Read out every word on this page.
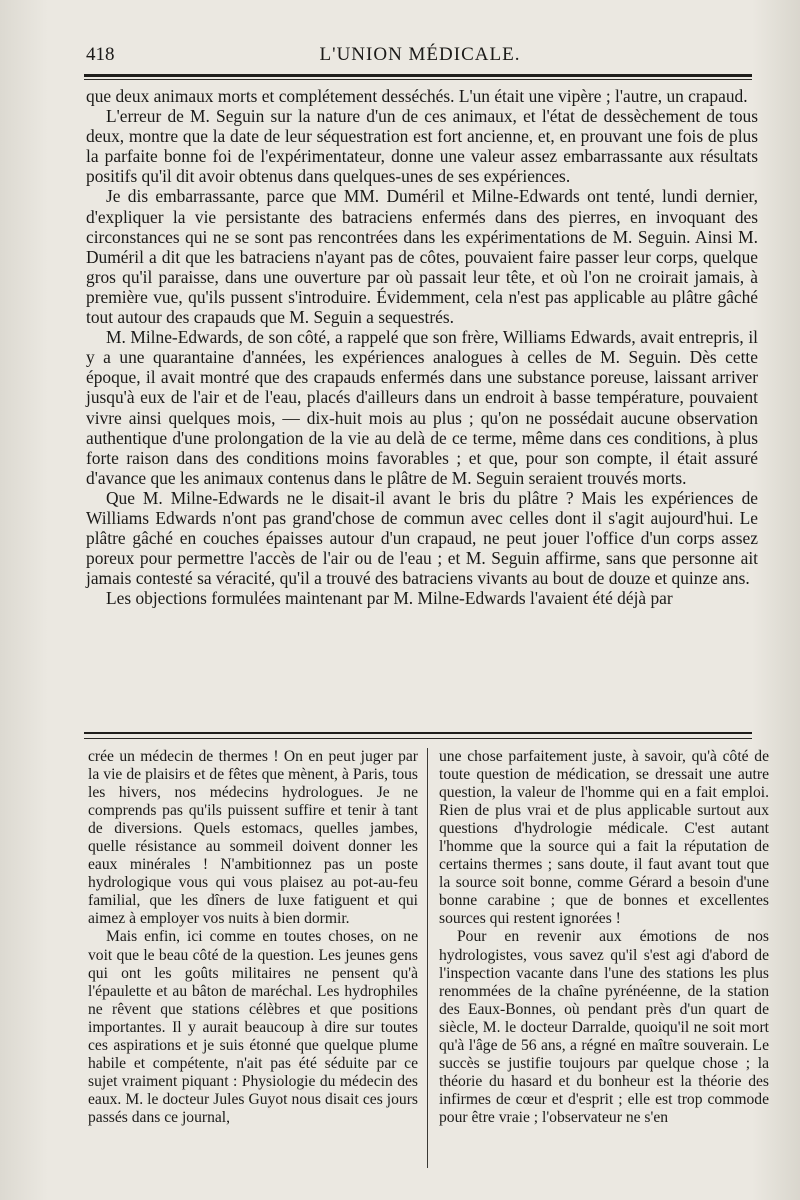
418	L'UNION MÉDICALE.

que deux animaux morts et complétement desséchés. L'un était une vipère ; l'autre, un crapaud.

L'erreur de M. Seguin sur la nature d'un de ces animaux, et l'état de dessèchement de tous deux, montre que la date de leur séquestration est fort ancienne, et, en prouvant une fois de plus la parfaite bonne foi de l'expérimentateur, donne une valeur assez embarrassante aux résultats positifs qu'il dit avoir obtenus dans quelques-unes de ses expériences.

Je dis embarrassante, parce que MM. Duméril et Milne-Edwards ont tenté, lundi dernier, d'expliquer la vie persistante des batraciens enfermés dans des pierres, en invoquant des circonstances qui ne se sont pas rencontrées dans les expérimentations de M. Seguin. Ainsi M. Duméril a dit que les batraciens n'ayant pas de côtes, pouvaient faire passer leur corps, quelque gros qu'il paraisse, dans une ouverture par où passait leur tête, et où l'on ne croirait jamais, à première vue, qu'ils pussent s'introduire. Évidemment, cela n'est pas applicable au plâtre gâché tout autour des crapauds que M. Seguin a sequestrés.

M. Milne-Edwards, de son côté, a rappelé que son frère, Williams Edwards, avait entrepris, il y a une quarantaine d'années, les expériences analogues à celles de M. Seguin. Dès cette époque, il avait montré que des crapauds enfermés dans une substance poreuse, laissant arriver jusqu'à eux de l'air et de l'eau, placés d'ailleurs dans un endroit à basse température, pouvaient vivre ainsi quelques mois, — dix-huit mois au plus ; qu'on ne possédait aucune observation authentique d'une prolongation de la vie au delà de ce terme, même dans ces conditions, à plus forte raison dans des conditions moins favorables ; et que, pour son compte, il était assuré d'avance que les animaux contenus dans le plâtre de M. Seguin seraient trouvés morts.

Que M. Milne-Edwards ne le disait-il avant le bris du plâtre ? Mais les expériences de Williams Edwards n'ont pas grand'chose de commun avec celles dont il s'agit aujourd'hui. Le plâtre gâché en couches épaisses autour d'un crapaud, ne peut jouer l'office d'un corps assez poreux pour permettre l'accès de l'air ou de l'eau ; et M. Seguin affirme, sans que personne ait jamais contesté sa véracité, qu'il a trouvé des batraciens vivants au bout de douze et quinze ans.

Les objections formulées maintenant par M. Milne-Edwards l'avaient été déjà par

crée un médecin de thermes ! On en peut juger par la vie de plaisirs et de fêtes que mènent, à Paris, tous les hivers, nos médecins hydrologues. Je ne comprends pas qu'ils puissent suffire et tenir à tant de diversions. Quels estomacs, quelles jambes, quelle résistance au sommeil doivent donner les eaux minérales ! N'ambitionnez pas un poste hydrologique vous qui vous plaisez au pot-au-feu familial, que les dîners de luxe fatiguent et qui aimez à employer vos nuits à bien dormir.

Mais enfin, ici comme en toutes choses, on ne voit que le beau côté de la question. Les jeunes gens qui ont les goûts militaires ne pensent qu'à l'épaulette et au bâton de maréchal. Les hydrophiles ne rêvent que stations célèbres et que positions importantes. Il y aurait beaucoup à dire sur toutes ces aspirations et je suis étonné que quelque plume habile et compétente, n'ait pas été séduite par ce sujet vraiment piquant : Physiologie du médecin des eaux. M. le docteur Jules Guyot nous disait ces jours passés dans ce journal,

une chose parfaitement juste, à savoir, qu'à côté de toute question de médication, se dressait une autre question, la valeur de l'homme qui en a fait emploi. Rien de plus vrai et de plus applicable surtout aux questions d'hydrologie médicale. C'est autant l'homme que la source qui a fait la réputation de certains thermes ; sans doute, il faut avant tout que la source soit bonne, comme Gérard a besoin d'une bonne carabine ; que de bonnes et excellentes sources qui restent ignorées !

Pour en revenir aux émotions de nos hydrologistes, vous savez qu'il s'est agi d'abord de l'inspection vacante dans l'une des stations les plus renommées de la chaîne pyrénéenne, de la station des Eaux-Bonnes, où pendant près d'un quart de siècle, M. le docteur Darralde, quoiqu'il ne soit mort qu'à l'âge de 56 ans, a régné en maître souverain. Le succès se justifie toujours par quelque chose ; la théorie du hasard et du bonheur est la théorie des infirmes de cœur et d'esprit ; elle est trop commode pour être vraie ; l'observateur ne s'en
